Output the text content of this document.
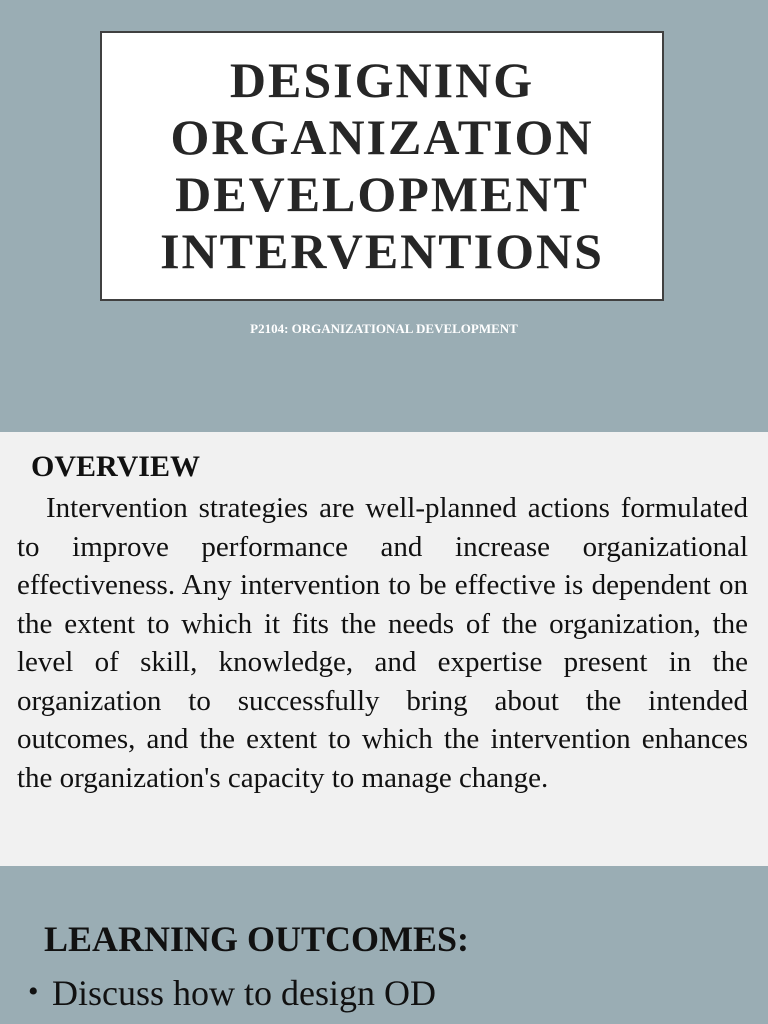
DESIGNING
ORGANIZATION
DEVELOPMENT
INTERVENTIONS
P2104: ORGANIZATIONAL DEVELOPMENT
OVERVIEW

Intervention strategies are well-planned actions formulated to improve performance and increase organizational effectiveness. Any intervention to be effective is dependent on the extent to which it fits the needs of the organization, the level of skill, knowledge, and expertise present in the organization to successfully bring about the intended outcomes, and the extent to which the intervention enhances the organization's capacity to manage change.

LEARNING OUTCOMES:
• Discuss how to design OD
